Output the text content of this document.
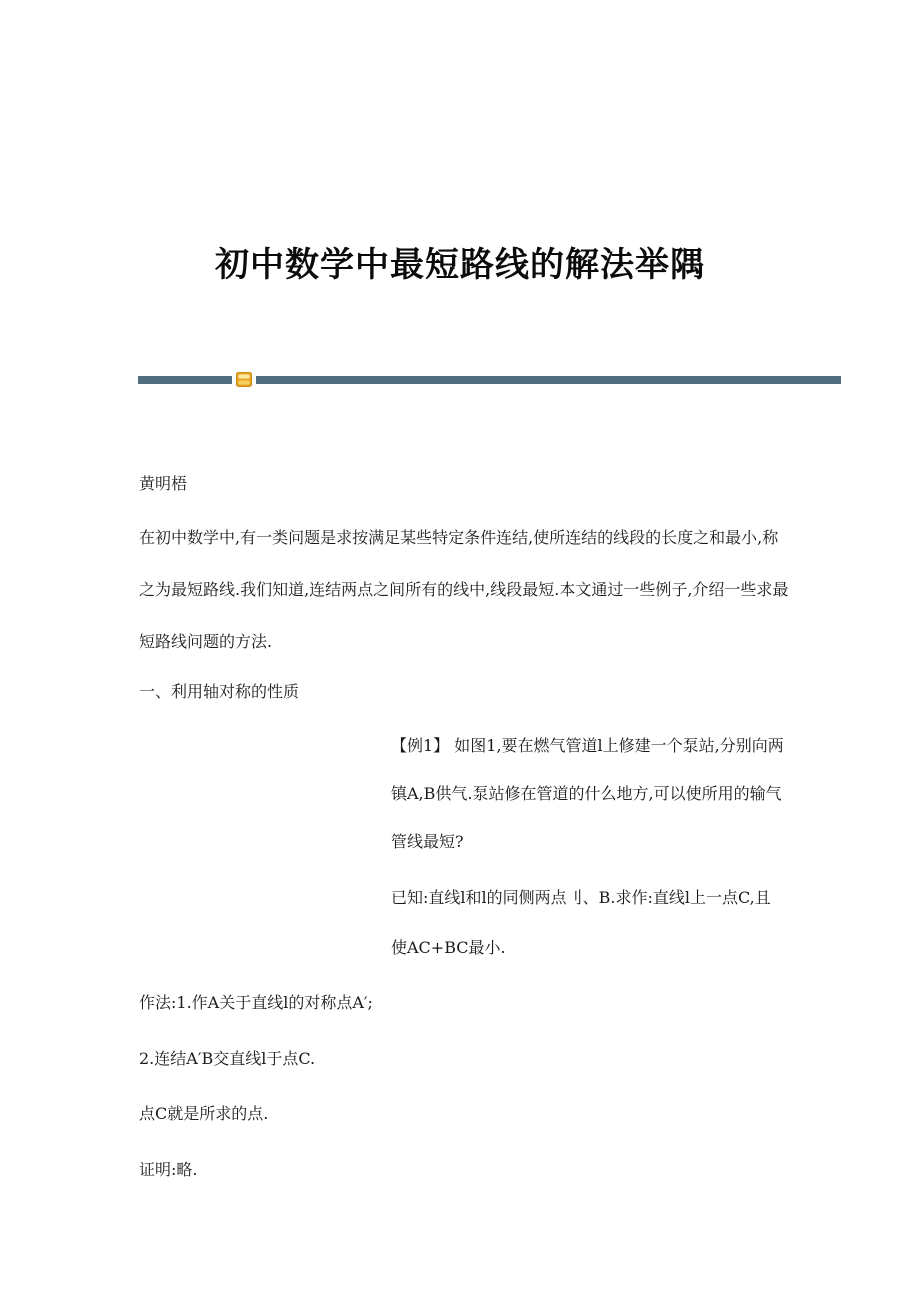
初中数学中最短路线的解法举隅

黄明梧

在初中数学中,有一类问题是求按满足某些特定条件连结,使所连结的线段的长度之和最小,称之为最短路线.我们知道,连结两点之间所有的线中,线段最短.本文通过一些例子,介绍一些求最短路线问题的方法.

一、利用轴对称的性质

【例1】 如图1,要在燃气管道l上修建一个泵站,分别向两镇A,B供气.泵站修在管道的什么地方,可以使所用的输气管线最短?

已知:直线l和l的同侧两点刂、B.求作:直线l上一点C,且使AC+BC最小.

作法:1.作A关于直线l的对称点A′;

2.连结A′B交直线l于点C.

点C就是所求的点.

证明:略.
